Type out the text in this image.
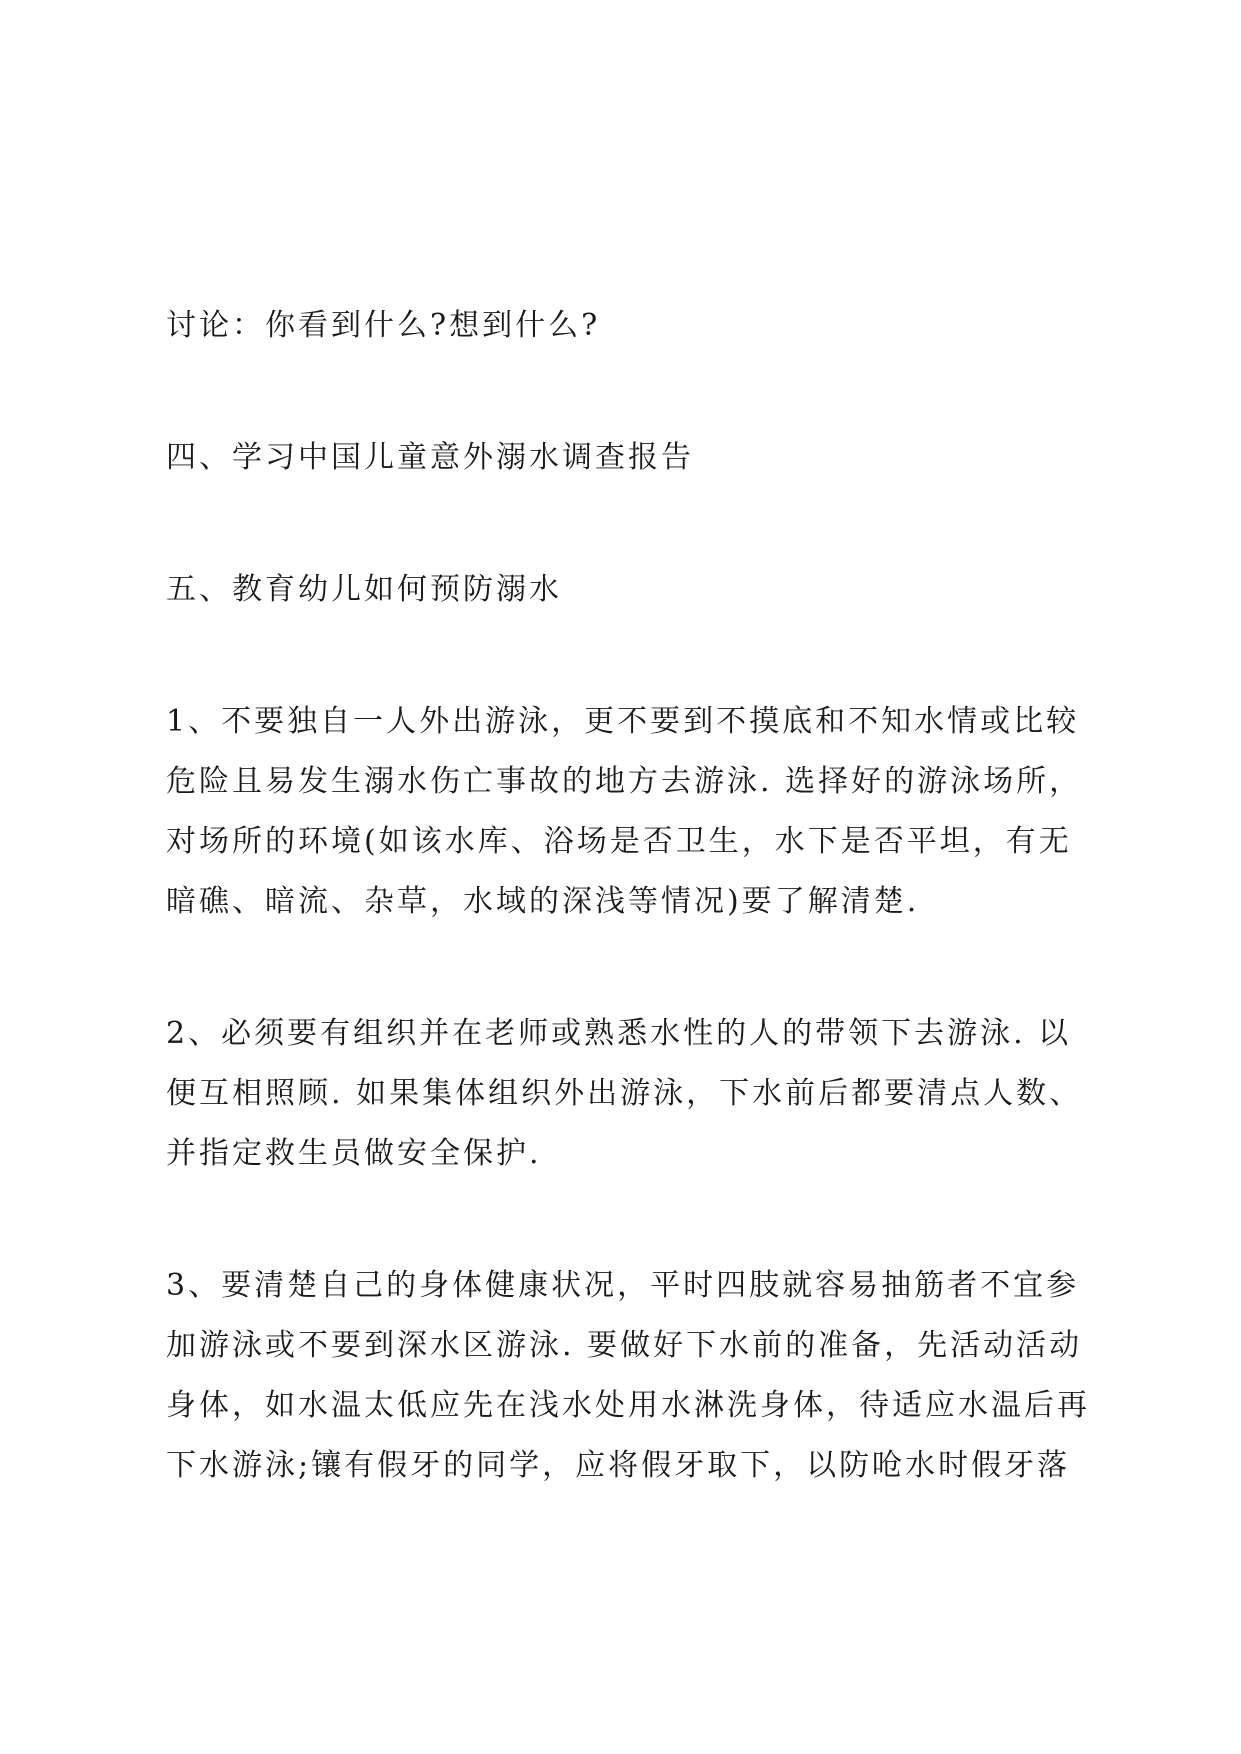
讨论：你看到什么?想到什么?

四、学习中国儿童意外溺水调查报告

五、教育幼儿如何预防溺水

1、不要独自一人外出游泳，更不要到不摸底和不知水情或比较
危险且易发生溺水伤亡事故的地方去游泳. 选择好的游泳场所，
对场所的环境(如该水库、浴场是否卫生，水下是否平坦，有无
暗礁、暗流、杂草，水域的深浅等情况)要了解清楚.

2、必须要有组织并在老师或熟悉水性的人的带领下去游泳. 以
便互相照顾. 如果集体组织外出游泳，下水前后都要清点人数、
并指定救生员做安全保护.

3、要清楚自己的身体健康状况，平时四肢就容易抽筋者不宜参
加游泳或不要到深水区游泳. 要做好下水前的准备，先活动活动
身体，如水温太低应先在浅水处用水淋洗身体，待适应水温后再
下水游泳;镶有假牙的同学，应将假牙取下，以防呛水时假牙落
